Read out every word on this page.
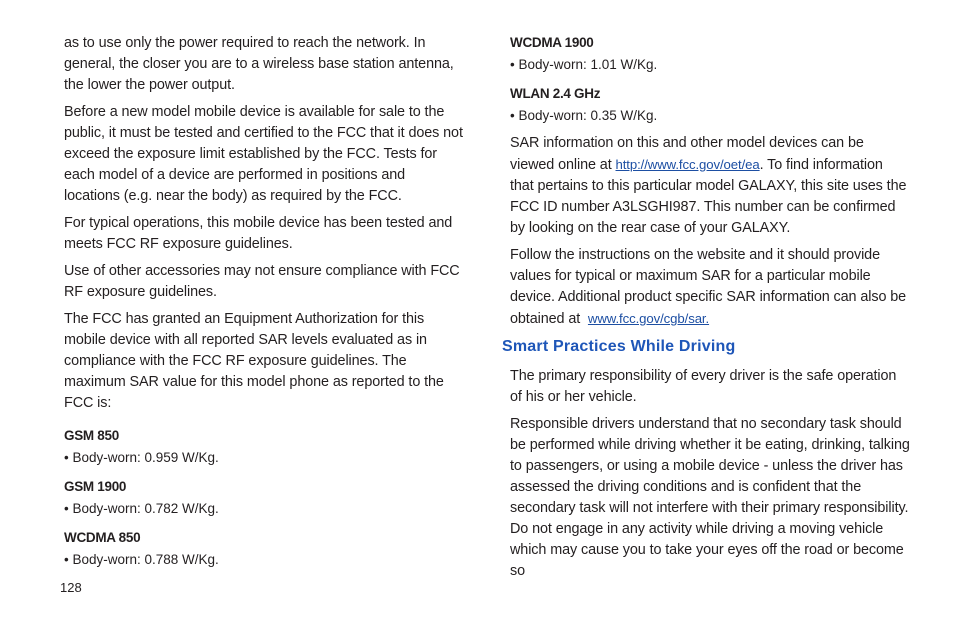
as to use only the power required to reach the network. In general, the closer you are to a wireless base station antenna, the lower the power output.

Before a new model mobile device is available for sale to the public, it must be tested and certified to the FCC that it does not exceed the exposure limit established by the FCC. Tests for each model of a device are performed in positions and locations (e.g. near the body) as required by the FCC.

For typical operations, this mobile device has been tested and meets FCC RF exposure guidelines.

Use of other accessories may not ensure compliance with FCC RF exposure guidelines.

The FCC has granted an Equipment Authorization for this mobile device with all reported SAR levels evaluated as in compliance with the FCC RF exposure guidelines. The maximum SAR value for this model phone as reported to the FCC is:

GSM 850
• Body-worn: 0.959 W/Kg.
GSM 1900
• Body-worn: 0.782 W/Kg.
WCDMA 850
• Body-worn: 0.788 W/Kg.
WCDMA 1900
• Body-worn: 1.01 W/Kg.
WLAN 2.4 GHz
• Body-worn: 0.35 W/Kg.

SAR information on this and other model devices can be viewed online at http://www.fcc.gov/oet/ea. To find information that pertains to this particular model GALAXY, this site uses the FCC ID number A3LSGHI987. This number can be confirmed by looking on the rear case of your GALAXY.

Follow the instructions on the website and it should provide values for typical or maximum SAR for a particular mobile device. Additional product specific SAR information can also be obtained at  www.fcc.gov/cgb/sar.

Smart Practices While Driving

The primary responsibility of every driver is the safe operation of his or her vehicle.

Responsible drivers understand that no secondary task should be performed while driving whether it be eating, drinking, talking to passengers, or using a mobile device - unless the driver has assessed the driving conditions and is confident that the secondary task will not interfere with their primary responsibility. Do not engage in any activity while driving a moving vehicle which may cause you to take your eyes off the road or become so

128
